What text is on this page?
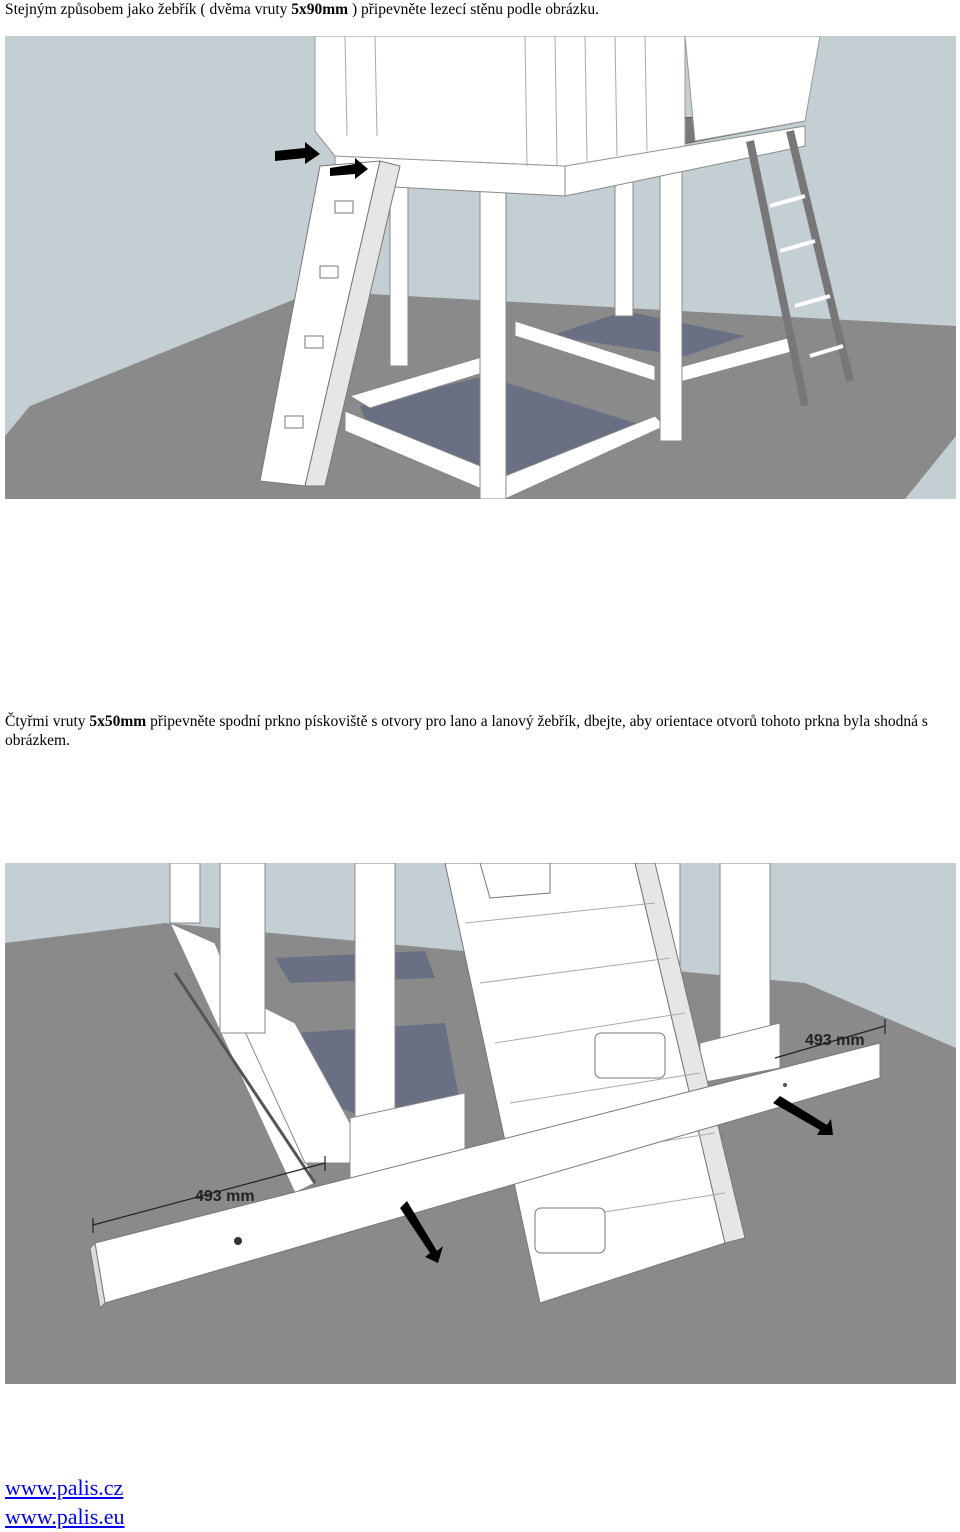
Stejným způsobem jako žebřík ( dvěma vruty 5x90mm ) připevněte lezecí stěnu podle obrázku.

Čtyřmi vruty 5x50mm připevněte spodní prkno pískoviště s otvory pro lano a lanový žebřík, dbejte, aby orientace otvorů tohoto prkna byla shodná s obrázkem.

493 mm
493 mm
www.palis.cz
www.palis.eu
